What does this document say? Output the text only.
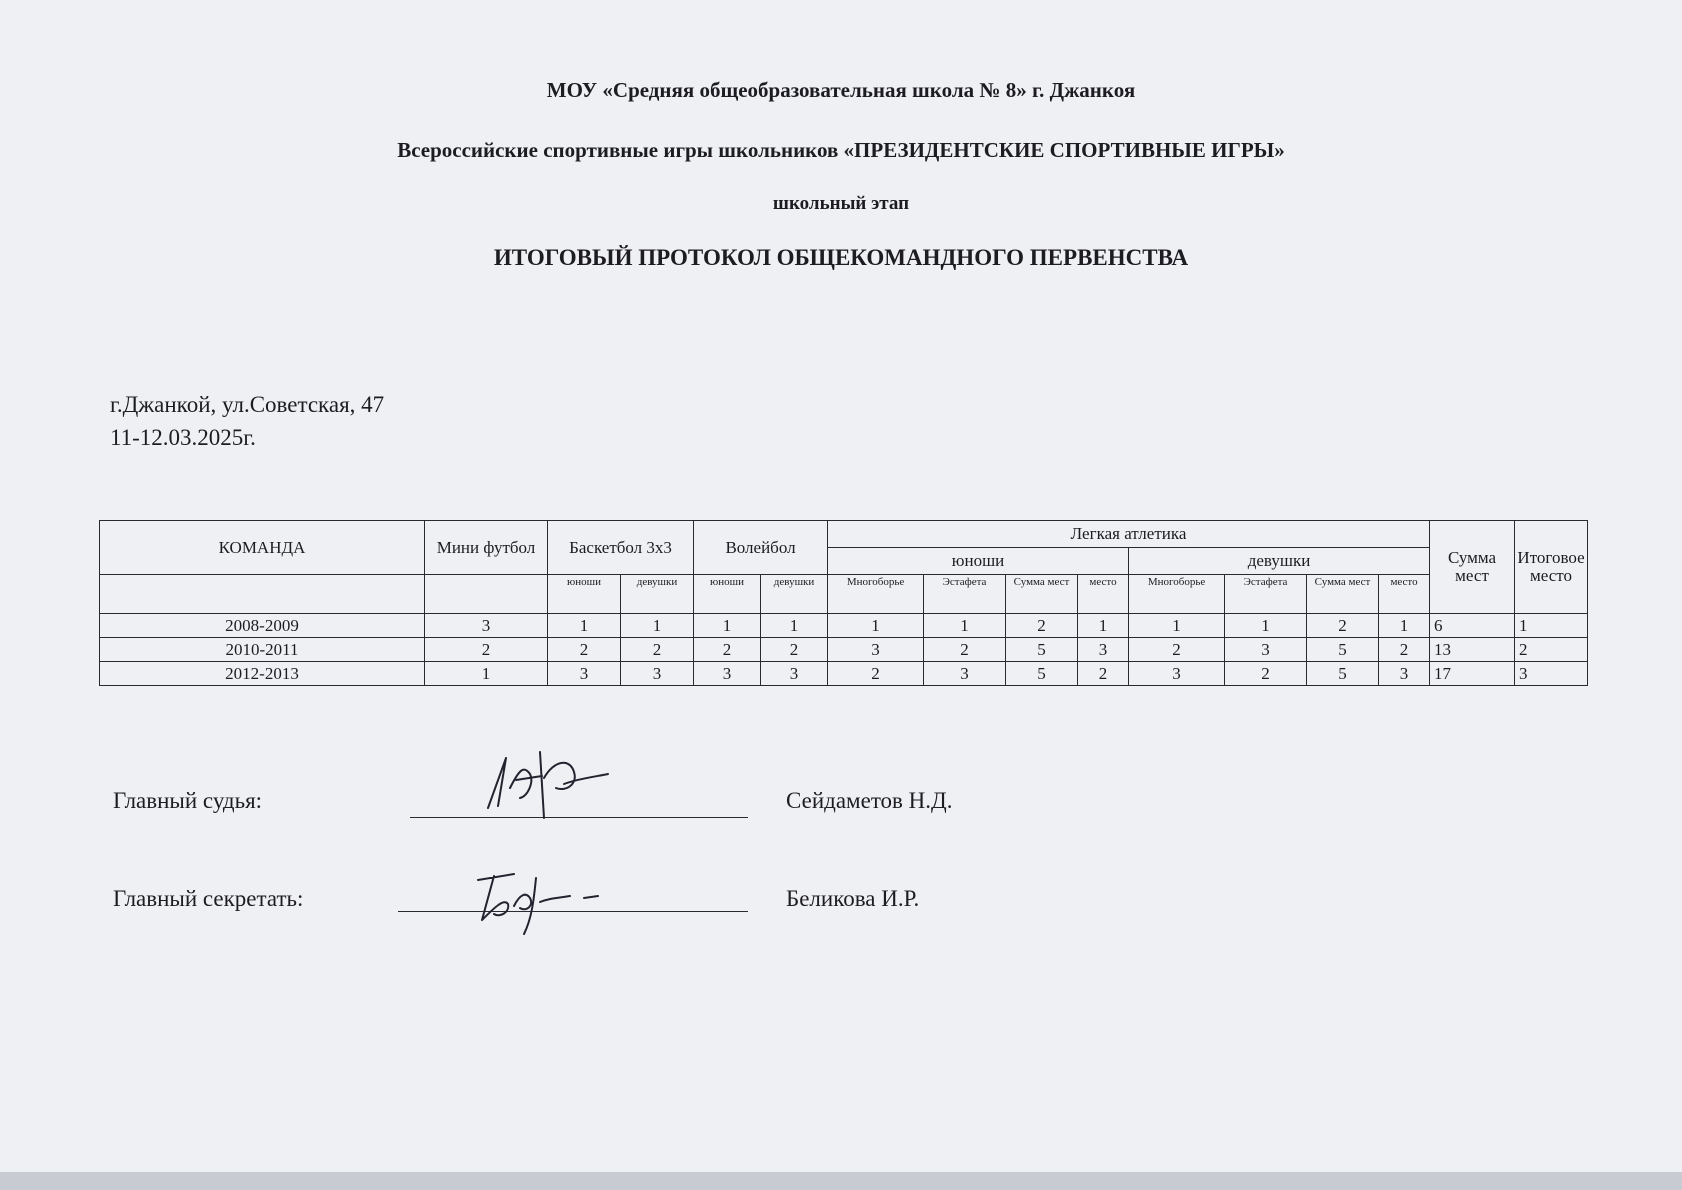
МОУ «Средняя общеобразовательная школа № 8» г. Джанкоя

Всероссийские спортивные игры школьников «ПРЕЗИДЕНТСКИЕ СПОРТИВНЫЕ ИГРЫ»

школьный этап

ИТОГОВЫЙ ПРОТОКОЛ ОБЩЕКОМАНДНОГО ПЕРВЕНСТВА

г.Джанкой, ул.Советская, 47
11-12.03.2025г.
КОМАНДА	Мини футбол	Баскетбол 3х3		Волейбол		Легкая атлетика								Сумма мест	Итоговое место
						юноши				девушки					
		юноши	девушки	юноши	девушки	Многоборье	Эстафета	Сумма мест	место	Многоборье	Эстафета	Сумма мест	место		
2008-2009	3	1	1	1	1	1	1	2	1	1	1	2	1	6	1
2010-2011	2	2	2	2	2	3	2	5	3	2	3	5	2	13	2
2012-2013	1	3	3	3	3	2	3	5	2	3	2	5	3	17	3
Главный судья:	Сейдаметов Н.Д.
Главный секретать:	Беликова И.Р.
